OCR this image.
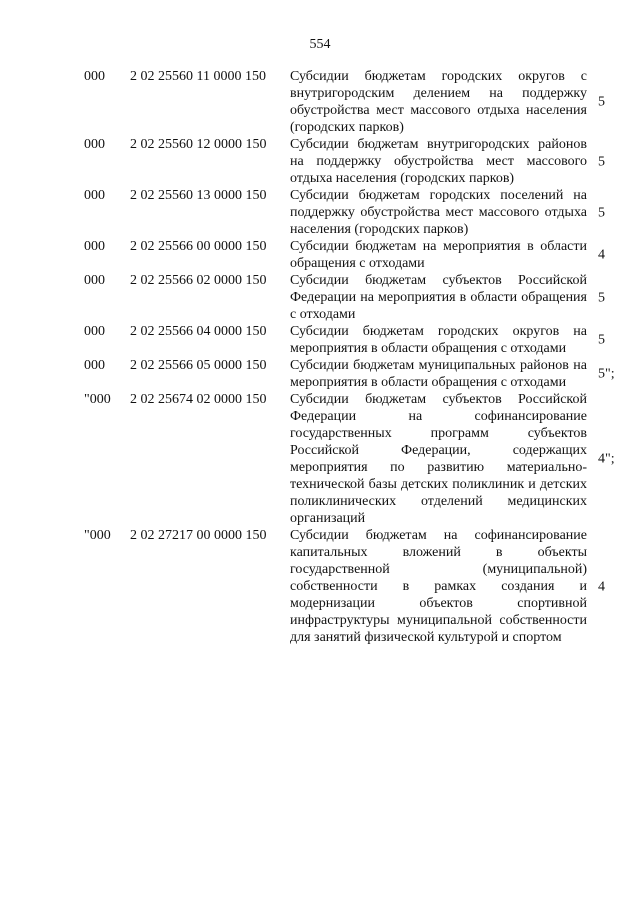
554
000 2 02 25560 11 0000 150 Субсидии бюджетам городских округов с внутригородским делением на поддержку обустройства мест массового отдыха населения (городских парков)
5
000 2 02 25560 12 0000 150 Субсидии бюджетам внутригородских районов на поддержку обустройства мест массового отдыха населения (городских парков)
5
000 2 02 25560 13 0000 150 Субсидии бюджетам городских поселений на поддержку обустройства мест массового отдыха населения (городских парков)
5
000 2 02 25566 00 0000 150 Субсидии бюджетам на мероприятия в области обращения с отходами
4
000 2 02 25566 02 0000 150 Субсидии бюджетам субъектов Российской Федерации на мероприятия в области обращения с отходами
5
000 2 02 25566 04 0000 150 Субсидии бюджетам городских округов на мероприятия в области обращения с отходами
5
000 2 02 25566 05 0000 150 Субсидии бюджетам муниципальных районов на мероприятия в области обращения с отходами
5";
"000 2 02 25674 02 0000 150 Субсидии бюджетам субъектов Российской Федерации на софинансирование государственных программ субъектов Российской Федерации, содержащих мероприятия по развитию материально-технической базы детских поликлиник и детских поликлинических отделений медицинских организаций
4";
"000 2 02 27217 00 0000 150 Субсидии бюджетам на софинансирование капитальных вложений в объекты государственной (муниципальной) собственности в рамках создания и модернизации объектов спортивной инфраструктуры муниципальной собственности для занятий физической культурой и спортом
4
